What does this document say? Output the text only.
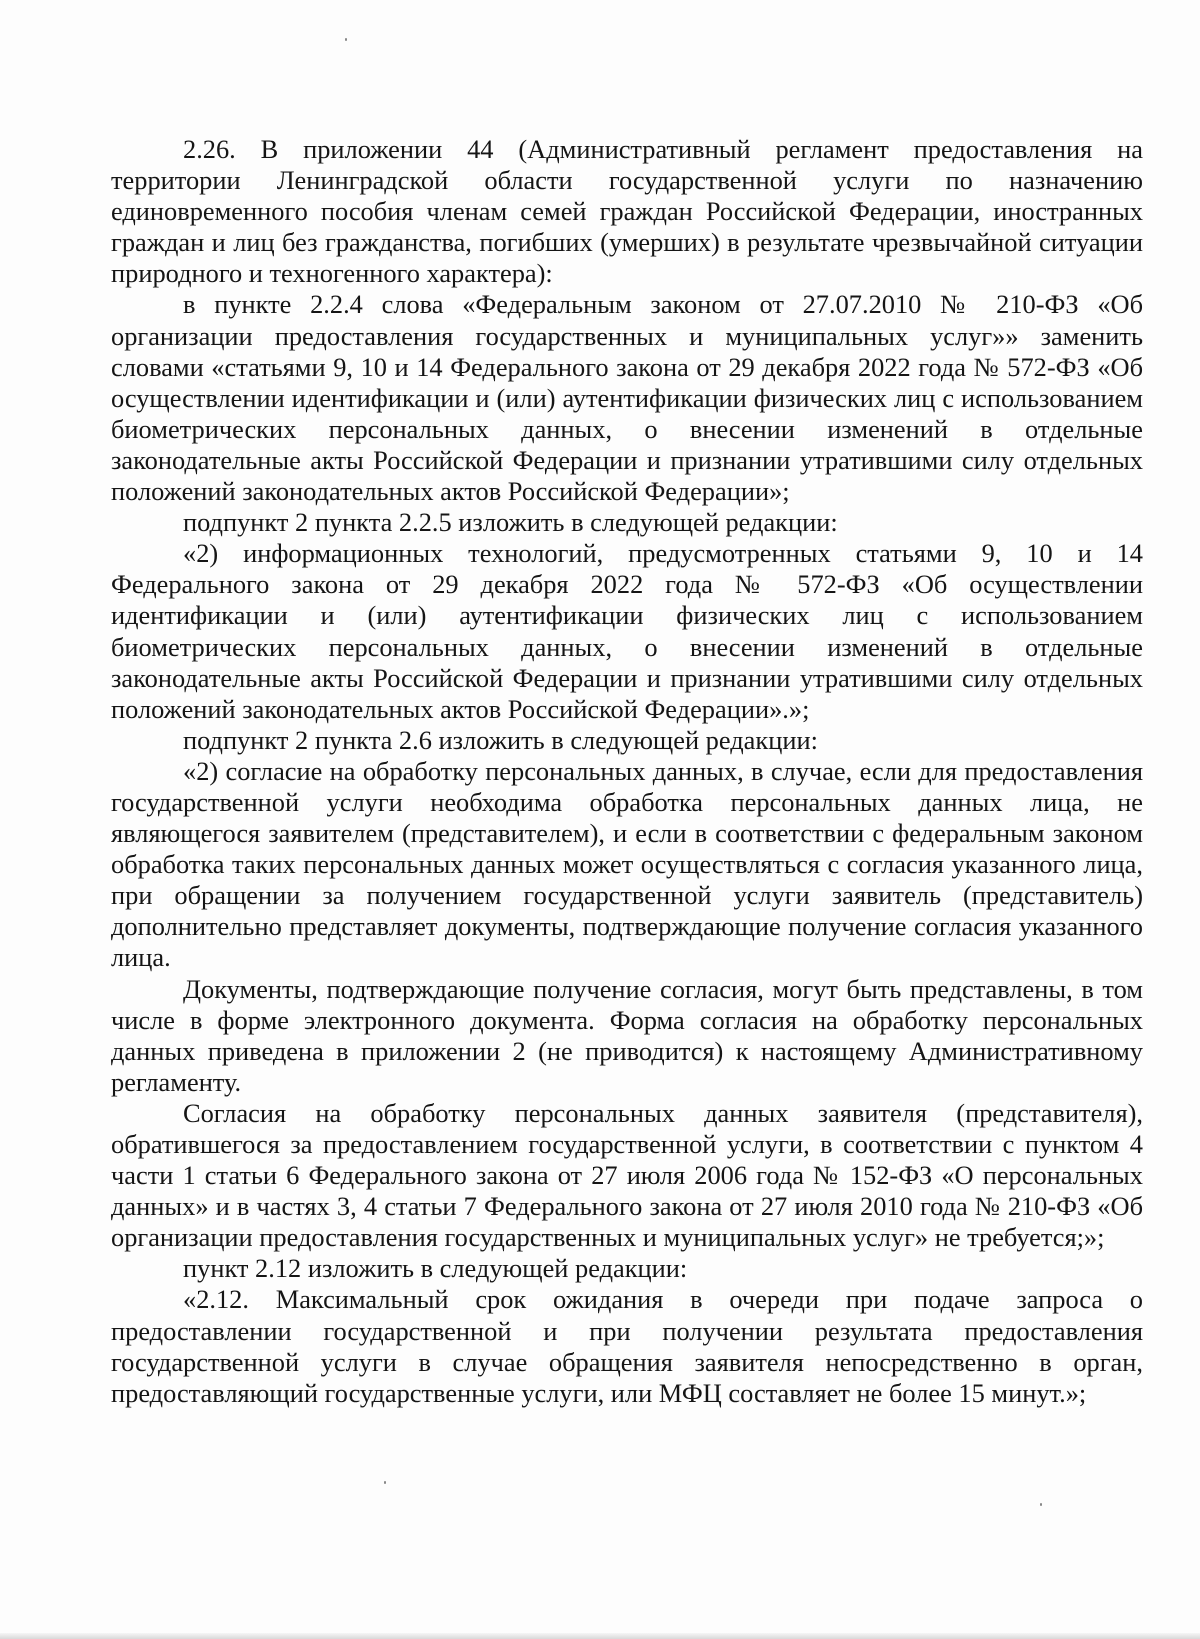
2.26. В приложении 44 (Административный регламент предоставления на территории Ленинградской области государственной услуги по назначению единовременного пособия членам семей граждан Российской Федерации, иностранных граждан и лиц без гражданства, погибших (умерших) в результате чрезвычайной ситуации природного и техногенного характера):

в пункте 2.2.4 слова «Федеральным законом от 27.07.2010 № 210-ФЗ «Об организации предоставления государственных и муниципальных услуг»» заменить словами «статьями 9, 10 и 14 Федерального закона от 29 декабря 2022 года № 572-ФЗ «Об осуществлении идентификации и (или) аутентификации физических лиц с использованием биометрических персональных данных, о внесении изменений в отдельные законодательные акты Российской Федерации и признании утратившими силу отдельных положений законодательных актов Российской Федерации»;

подпункт 2 пункта 2.2.5 изложить в следующей редакции:

«2) информационных технологий, предусмотренных статьями 9, 10 и 14 Федерального закона от 29 декабря 2022 года № 572-ФЗ «Об осуществлении идентификации и (или) аутентификации физических лиц с использованием биометрических персональных данных, о внесении изменений в отдельные законодательные акты Российской Федерации и признании утратившими силу отдельных положений законодательных актов Российской Федерации».»;

подпункт 2 пункта 2.6 изложить в следующей редакции:

«2) согласие на обработку персональных данных, в случае, если для предоставления государственной услуги необходима обработка персональных данных лица, не являющегося заявителем (представителем), и если в соответствии с федеральным законом обработка таких персональных данных может осуществляться с согласия указанного лица, при обращении за получением государственной услуги заявитель (представитель) дополнительно представляет документы, подтверждающие получение согласия указанного лица.

Документы, подтверждающие получение согласия, могут быть представлены, в том числе в форме электронного документа. Форма согласия на обработку персональных данных приведена в приложении 2 (не приводится) к настоящему Административному регламенту.

Согласия на обработку персональных данных заявителя (представителя), обратившегося за предоставлением государственной услуги, в соответствии с пунктом 4 части 1 статьи 6 Федерального закона от 27 июля 2006 года № 152-ФЗ «О персональных данных» и в частях 3, 4 статьи 7 Федерального закона от 27 июля 2010 года № 210-ФЗ «Об организации предоставления государственных и муниципальных услуг» не требуется;»;

пункт 2.12 изложить в следующей редакции:

«2.12. Максимальный срок ожидания в очереди при подаче запроса о предоставлении государственной и при получении результата предоставления государственной услуги в случае обращения заявителя непосредственно в орган, предоставляющий государственные услуги, или МФЦ составляет не более 15 минут.»;
